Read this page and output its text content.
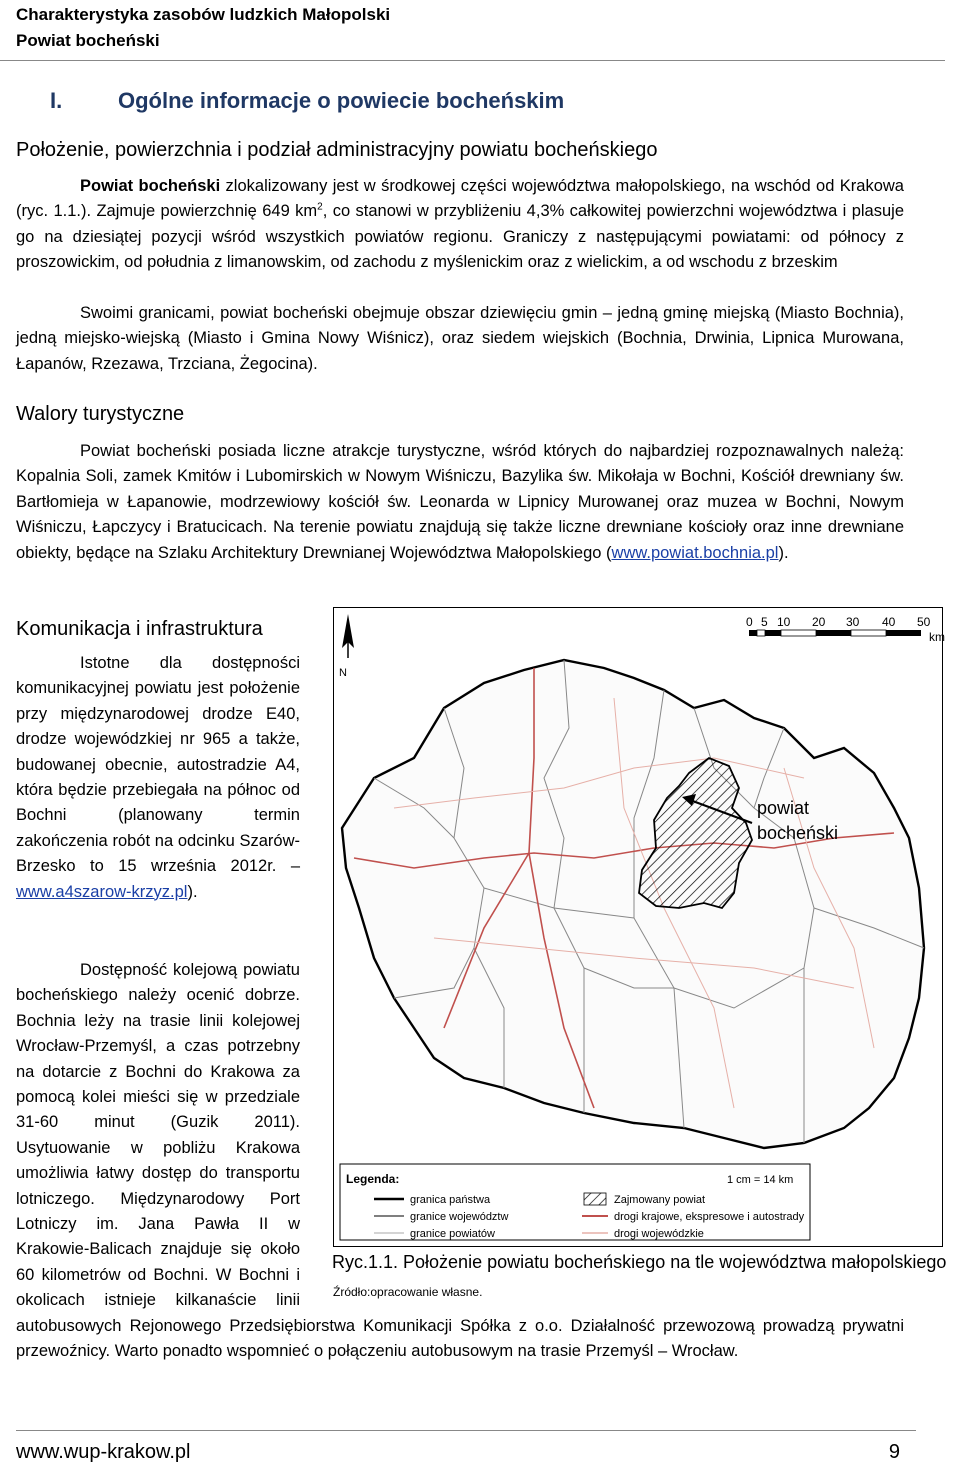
Charakterystyka zasobów ludzkich Małopolski
Powiat bocheński
I.	Ogólne informacje o powiecie bocheńskim
Położenie, powierzchnia i podział administracyjny powiatu bocheńskiego

Powiat bocheński zlokalizowany jest w środkowej części województwa małopolskiego, na wschód od Krakowa (ryc. 1.1.). Zajmuje powierzchnię 649 $km^2$, co stanowi w przybliżeniu 4,3% całkowitej powierzchni województwa i plasuje go na dziesiątej pozycji wśród wszystkich powiatów regionu. Graniczy z następującymi powiatami: od północy z proszowickim, od południa z limanowskim, od zachodu z myślenickim oraz z wielickim, a od wschodu z brzeskim

Swoimi granicami, powiat bocheński obejmuje obszar dziewięciu gmin – jedną gminę miejską (Miasto Bochnia), jedną miejsko-wiejską (Miasto i Gmina Nowy Wiśnicz), oraz siedem wiejskich (Bochnia, Drwinia, Lipnica Murowana, Łapanów, Rzezawa, Trzciana, Żegocina).

Walory turystyczne

Powiat bocheński posiada liczne atrakcje turystyczne, wśród których do najbardziej rozpoznawalnych należą: Kopalnia Soli, zamek Kmitów i Lubomirskich w Nowym Wiśniczu, Bazylika św. Mikołaja w Bochni, Kościół drewniany św. Bartłomieja w Łapanowie, modrzewiowy kościół św. Leonarda w Lipnicy Murowanej oraz muzea w Bochni, Nowym Wiśniczu, Łapczycy i Bratucicach. Na terenie powiatu znajdują się także liczne drewniane kościoły oraz inne drewniane obiekty, będące na Szlaku Architektury Drewnianej Województwa Małopolskiego (www.powiat.bochnia.pl).

Komunikacja i infrastruktura

Istotne dla dostępności komunikacyjnej powiatu jest położenie przy międzynarodowej drodze E40, drodze wojewódzkiej nr 965 a także, budowanej obecnie, autostradzie A4, która będzie przebiegała na północ od Bochni (planowany termin zakończenia robót na odcinku Szarów-Brzesko to 15 września 2012r. – www.a4szarow-krzyz.pl).

Dostępność kolejową powiatu bocheńskiego należy ocenić dobrze. Bochnia leży na trasie linii kolejowej Wrocław-Przemyśl, a czas potrzebny na dotarcie z Bochni do Krakowa za pomocą kolei mieści się w przedziale 31-60 minut (Guzik 2011). Usytuowanie w pobliżu Krakowa umożliwia łatwy dostęp do transportu lotniczego. Międzynarodowy Port Lotniczy im. Jana Pawła II w Krakowie-Balicach znajduje się około 60 kilometrów od Bochni. W Bochni i okolicach istnieje kilkanaście linii autobusowych Rejonowego Przedsiębiorstwa Komunikacji Spółka z o.o. Działalność przewozową prowadzą prywatni przewoźnicy. Warto ponadto wspomnieć o połączeniu autobusowym na trasie Przemyśl – Wrocław.

N
0 5 10 20 30 40 50
km
powiat
bocheński
Legenda:	1 cm = 14 km
granica państwa
granice województw
granice powiatów
Zajmowany powiat
drogi krajowe, ekspresowe i autostrady
drogi wojewódzkie
Ryc.1.1. Położenie powiatu bocheńskiego na tle województwa małopolskiego
Źródło:opracowanie własne.
www.wup-krakow.pl	9
